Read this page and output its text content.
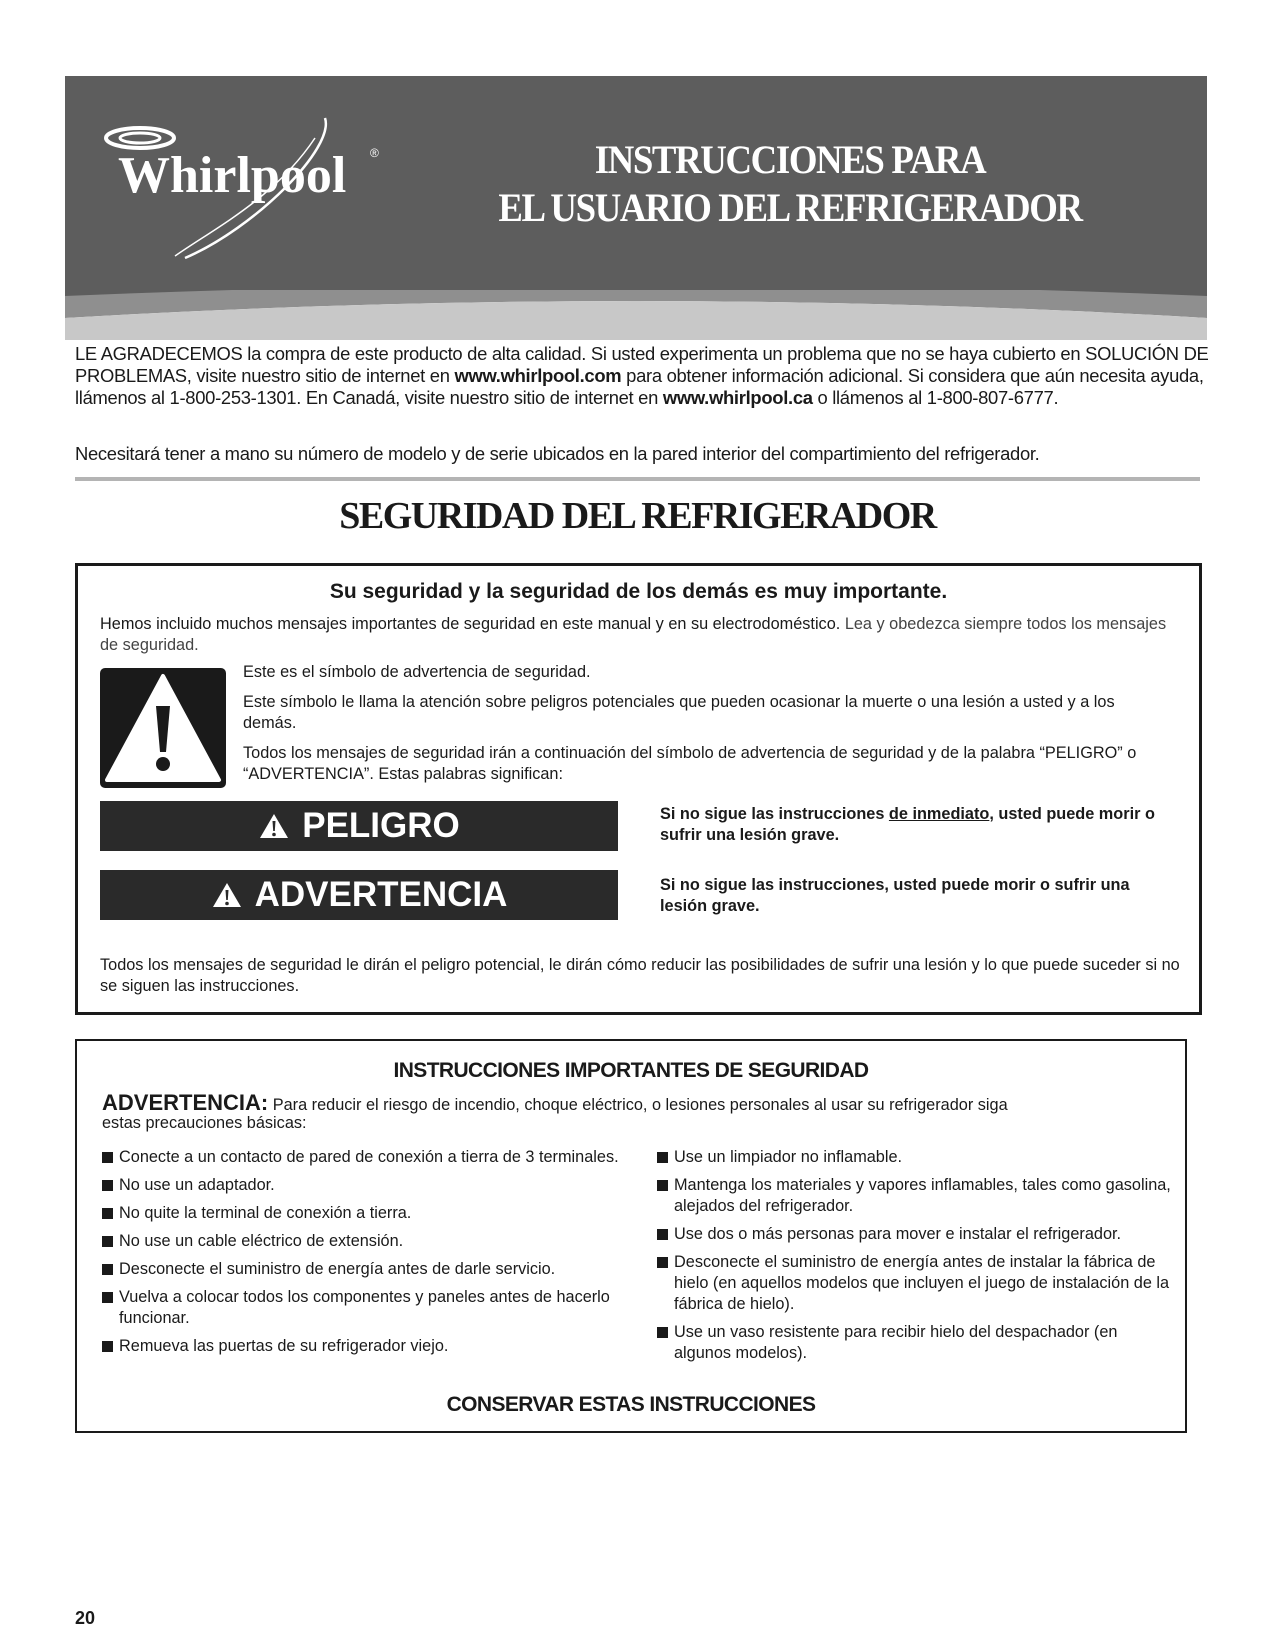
Whirlpool ®	INSTRUCCIONES PARA
EL USUARIO DEL REFRIGERADOR
LE AGRADECEMOS la compra de este producto de alta calidad. Si usted experimenta un problema que no se haya cubierto en SOLUCIÓN DE PROBLEMAS, visite nuestro sitio de internet en www.whirlpool.com para obtener información adicional. Si considera que aún necesita ayuda, llámenos al 1-800-253-1301. En Canadá, visite nuestro sitio de internet en www.whirlpool.ca o llámenos al 1-800-807-6777.
Necesitará tener a mano su número de modelo y de serie ubicados en la pared interior del compartimiento del refrigerador.
SEGURIDAD DEL REFRIGERADOR
Su seguridad y la seguridad de los demás es muy importante.
Hemos incluido muchos mensajes importantes de seguridad en este manual y en su electrodoméstico. Lea y obedezca siempre todos los mensajes de seguridad.

Este es el símbolo de advertencia de seguridad.

Este símbolo le llama la atención sobre peligros potenciales que pueden ocasionar la muerte o una lesión a usted y a los demás.

Todos los mensajes de seguridad irán a continuación del símbolo de advertencia de seguridad y de la palabra “PELIGRO” o “ADVERTENCIA”. Estas palabras significan:

PELIGRO	Si no sigue las instrucciones de inmediato, usted puede morir o sufrir una lesión grave.
ADVERTENCIA	Si no sigue las instrucciones, usted puede morir o sufrir una lesión grave.
Todos los mensajes de seguridad le dirán el peligro potencial, le dirán cómo reducir las posibilidades de sufrir una lesión y lo que puede suceder si no se siguen las instrucciones.
INSTRUCCIONES IMPORTANTES DE SEGURIDAD
ADVERTENCIA: Para reducir el riesgo de incendio, choque eléctrico, o lesiones personales al usar su refrigerador siga
estas precauciones básicas:
Conecte a un contacto de pared de conexión a tierra de 3 terminales.
No use un adaptador.
No quite la terminal de conexión a tierra.
No use un cable eléctrico de extensión.
Desconecte el suministro de energía antes de darle servicio.
Vuelva a colocar todos los componentes y paneles antes de hacerlo funcionar.
Remueva las puertas de su refrigerador viejo.
Use un limpiador no inflamable.
Mantenga los materiales y vapores inflamables, tales como gasolina, alejados del refrigerador.
Use dos o más personas para mover e instalar el refrigerador.
Desconecte el suministro de energía antes de instalar la fábrica de hielo (en aquellos modelos que incluyen el juego de instalación de la fábrica de hielo).
Use un vaso resistente para recibir hielo del despachador (en algunos modelos).
CONSERVAR ESTAS INSTRUCCIONES
20
